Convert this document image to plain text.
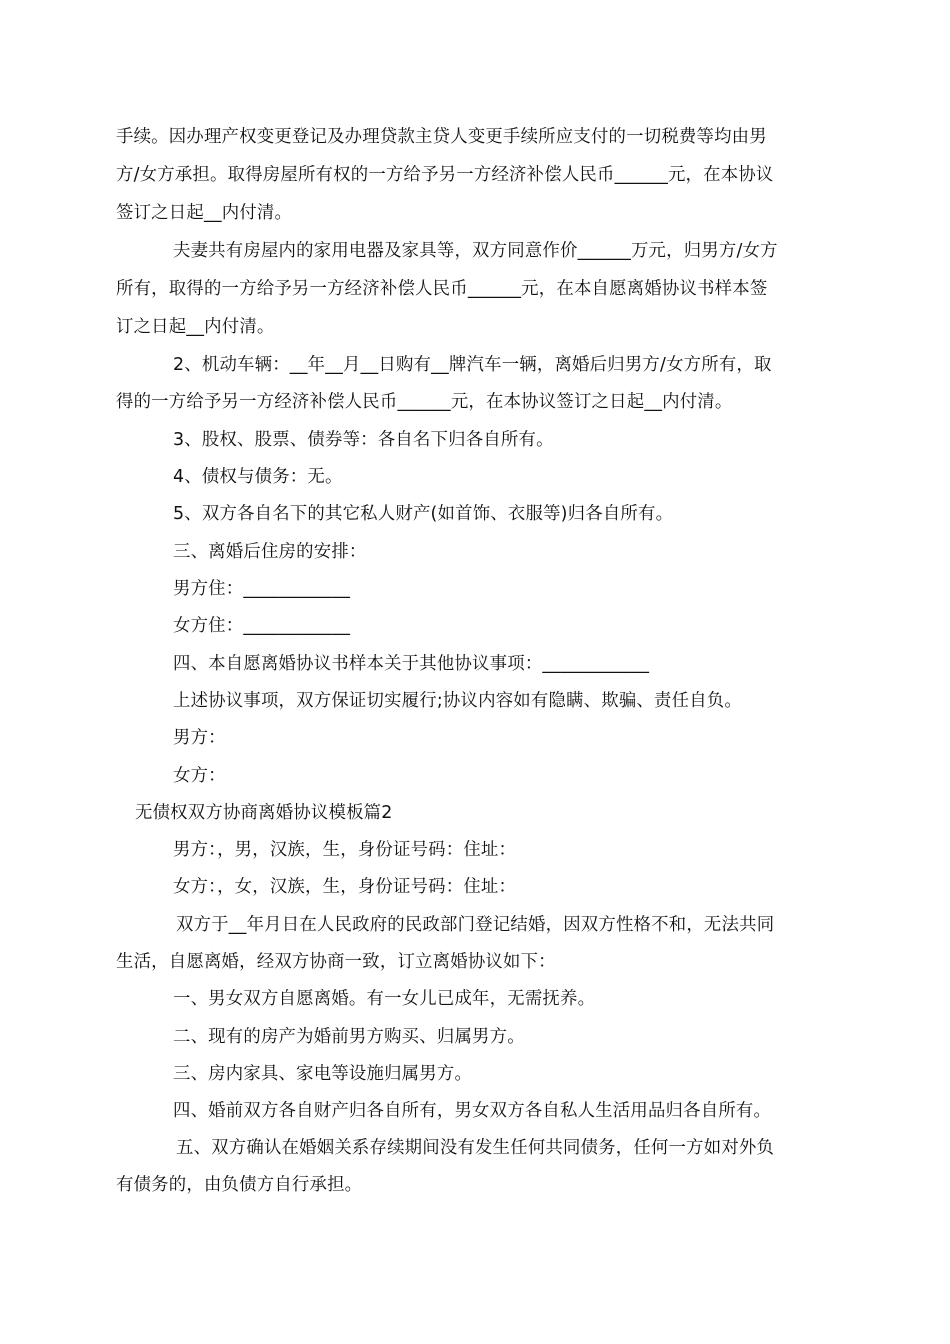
手续。因办理产权变更登记及办理贷款主贷人变更手续所应支付的一切税费等均由男
方/女方承担。取得房屋所有权的一方给予另一方经济补偿人民币______元，在本协议
签订之日起__内付清。
夫妻共有房屋内的家用电器及家具等，双方同意作价______万元，归男方/女方
所有，取得的一方给予另一方经济补偿人民币______元，在本自愿离婚协议书样本签
订之日起__内付清。
2、机动车辆：__年__月__日购有__牌汽车一辆，离婚后归男方/女方所有，取
得的一方给予另一方经济补偿人民币______元，在本协议签订之日起__内付清。
3、股权、股票、债券等：各自名下归各自所有。
4、债权与债务：无。
5、双方各自名下的其它私人财产(如首饰、衣服等)归各自所有。
三、离婚后住房的安排：
男方住：____________
女方住：____________
四、本自愿离婚协议书样本关于其他协议事项：____________
上述协议事项，双方保证切实履行;协议内容如有隐瞒、欺骗、责任自负。
男方：
女方：
无债权双方协商离婚协议模板篇2
男方：，男，汉族，生，身份证号码：住址：
女方：，女，汉族，生，身份证号码：住址：
双方于__年月日在人民政府的民政部门登记结婚，因双方性格不和，无法共同
生活，自愿离婚，经双方协商一致，订立离婚协议如下：
一、男女双方自愿离婚。有一女儿已成年，无需抚养。
二、现有的房产为婚前男方购买、归属男方。
三、房内家具、家电等设施归属男方。
四、婚前双方各自财产归各自所有，男女双方各自私人生活用品归各自所有。
五、双方确认在婚姻关系存续期间没有发生任何共同债务，任何一方如对外负
有债务的，由负债方自行承担。
